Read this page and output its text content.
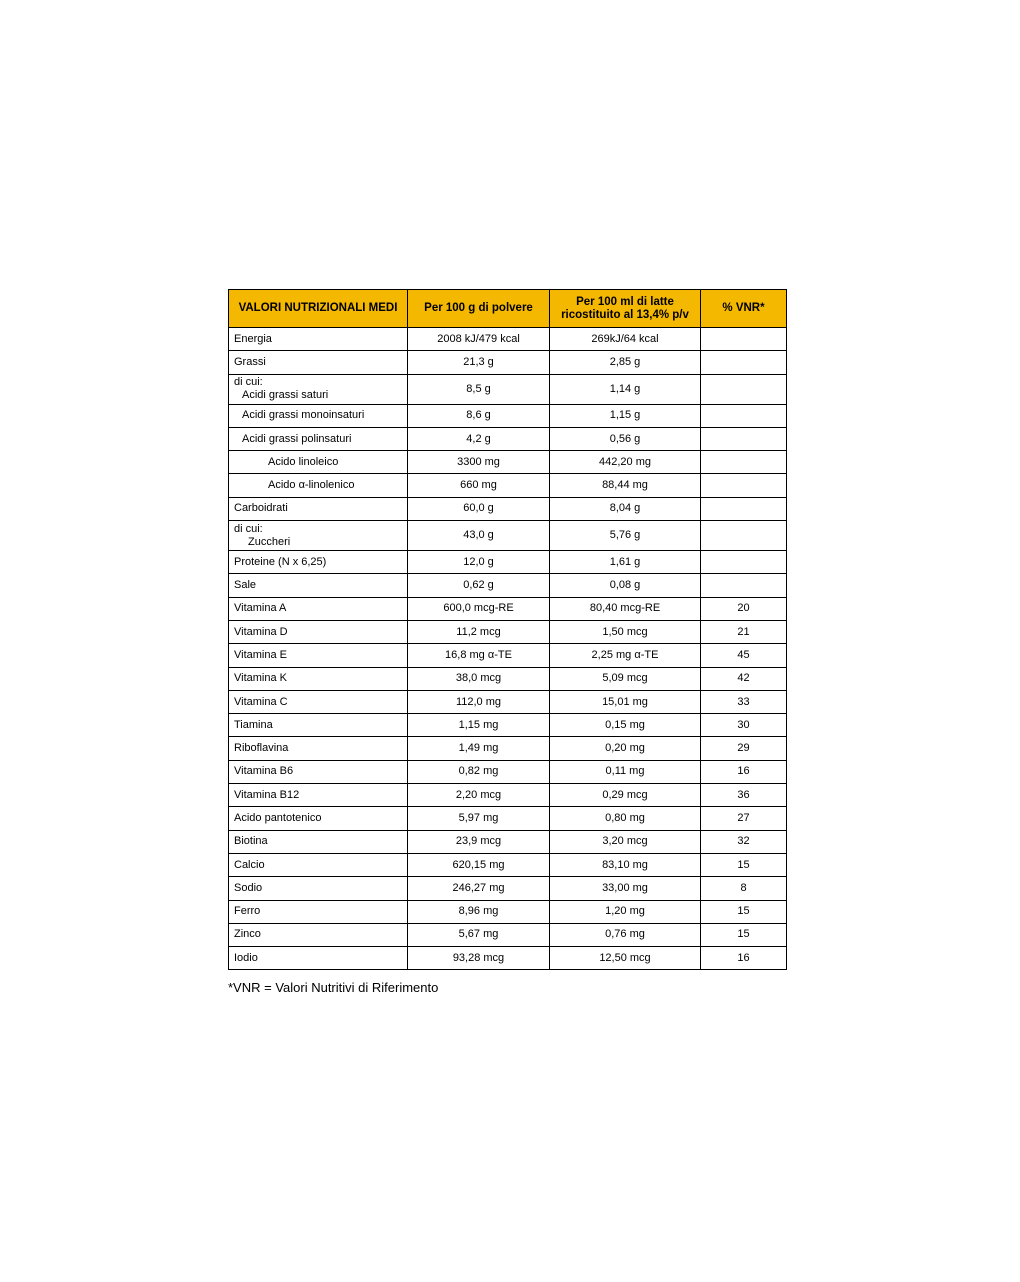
VALORI NUTRIZIONALI MEDI	Per 100 g di polvere	Per 100 ml di latte ricostituito al 13,4% p/v	% VNR*
Energia	2008 kJ/479 kcal	269kJ/64 kcal	
Grassi	21,3 g	2,85 g	

di cui:
Acidi grassi saturi	8,5 g	1,14 g	
Acidi grassi monoinsaturi	8,6 g	1,15 g	
Acidi grassi polinsaturi	4,2 g	0,56 g	
Acido linoleico	3300 mg	442,20 mg	
Acido α-linolenico	660 mg	88,44 mg	
Carboidrati	60,0 g	8,04 g	

di cui:
Zuccheri	43,0 g	5,76 g	
Proteine (N x 6,25)	12,0 g	1,61 g	
Sale	0,62 g	0,08 g	
Vitamina A	600,0 mcg-RE	80,40 mcg-RE	20
Vitamina D	11,2 mcg	1,50 mcg	21
Vitamina E	16,8 mg α-TE	2,25 mg α-TE	45
Vitamina K	38,0 mcg	5,09 mcg	42
Vitamina C	112,0 mg	15,01 mg	33
Tiamina	1,15 mg	0,15 mg	30
Riboflavina	1,49 mg	0,20 mg	29
Vitamina B6	0,82 mg	0,11 mg	16
Vitamina B12	2,20 mcg	0,29 mcg	36
Acido pantotenico	5,97 mg	0,80 mg	27
Biotina	23,9 mcg	3,20 mcg	32
Calcio	620,15 mg	83,10 mg	15
Sodio	246,27 mg	33,00 mg	8
Ferro	8,96 mg	1,20 mg	15
Zinco	5,67 mg	0,76 mg	15
Iodio	93,28 mcg	12,50 mcg	16
*VNR = Valori Nutritivi di Riferimento
